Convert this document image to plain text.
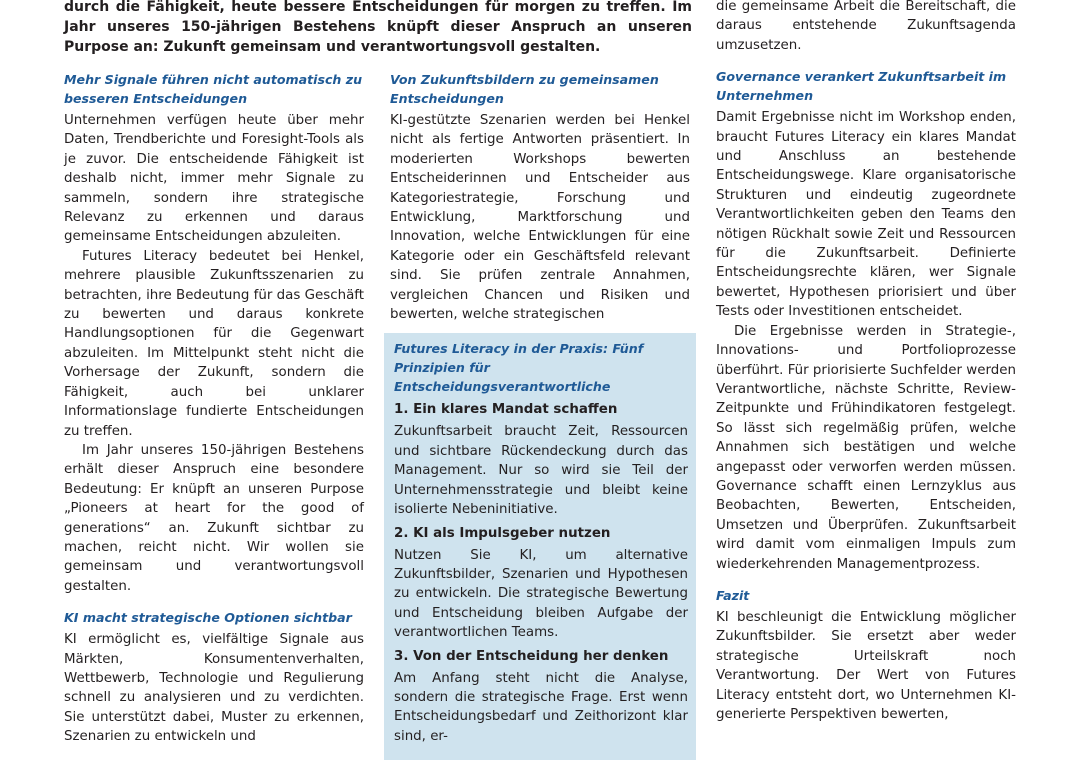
durch die Fähigkeit, heute bessere Entscheidungen für morgen zu treffen. Im Jahr unseres 150-jährigen Bestehens knüpft dieser Anspruch an unseren Purpose an: Zukunft gemeinsam und verantwortungsvoll gestalten.
Mehr Signale führen nicht automatisch zu besseren Entscheidungen

Unternehmen verfügen heute über mehr Daten, Trendberichte und Foresight-Tools als je zuvor. Die entscheidende Fähigkeit ist deshalb nicht, immer mehr Signale zu sammeln, sondern ihre strategische Relevanz zu erkennen und daraus gemeinsame Entscheidungen abzuleiten.

Futures Literacy bedeutet bei Henkel, mehrere plausible Zukunftsszenarien zu betrachten, ihre Bedeutung für das Geschäft zu bewerten und daraus konkrete Handlungsoptionen für die Gegenwart abzuleiten. Im Mittelpunkt steht nicht die Vorhersage der Zukunft, sondern die Fähigkeit, auch bei unklarer Informationslage fundierte Entscheidungen zu treffen.

Im Jahr unseres 150-jährigen Bestehens erhält dieser Anspruch eine besondere Bedeutung: Er knüpft an unseren Purpose „Pioneers at heart for the good of generations“ an. Zukunft sichtbar zu machen, reicht nicht. Wir wollen sie gemeinsam und verantwortungsvoll gestalten.

KI macht strategische Optionen sichtbar

KI ermöglicht es, vielfältige Signale aus Märkten, Konsumentenverhalten, Wettbewerb, Technologie und Regulierung schnell zu analysieren und zu verdichten. Sie unterstützt dabei, Muster zu erkennen, Szenarien zu entwickeln und

Von Zukunftsbildern zu gemeinsamen Entscheidungen

KI-gestützte Szenarien werden bei Henkel nicht als fertige Antworten präsentiert. In moderierten Workshops bewerten Entscheiderinnen und Entscheider aus Kategoriestrategie, Forschung und Entwicklung, Marktforschung und Innovation, welche Entwicklungen für eine Kategorie oder ein Geschäftsfeld relevant sind. Sie prüfen zentrale Annahmen, vergleichen Chancen und Risiken und bewerten, welche strategischen

Futures Literacy in der Praxis: Fünf Prinzipien für Entscheidungsverantwortliche
1. Ein klares Mandat schaffen

Zukunftsarbeit braucht Zeit, Ressourcen und sichtbare Rückendeckung durch das Management. Nur so wird sie Teil der Unternehmensstrategie und bleibt keine isolierte Nebeninitiative.

2. KI als Impulsgeber nutzen

Nutzen Sie KI, um alternative Zukunftsbilder, Szenarien und Hypothesen zu entwickeln. Die strategische Bewertung und Entscheidung bleiben Aufgabe der verantwortlichen Teams.

3. Von der Entscheidung her denken

Am Anfang steht nicht die Analyse, sondern die strategische Frage. Erst wenn Entscheidungsbedarf und Zeithorizont klar sind, er-

die gemeinsame Arbeit die Bereitschaft, die daraus entstehende Zukunftsagenda umzusetzen.

Governance verankert Zukunftsarbeit im Unternehmen

Damit Ergebnisse nicht im Workshop enden, braucht Futures Literacy ein klares Mandat und Anschluss an bestehende Entscheidungswege. Klare organisatorische Strukturen und eindeutig zugeordnete Verantwortlichkeiten geben den Teams den nötigen Rückhalt sowie Zeit und Ressourcen für die Zukunftsarbeit. Definierte Entscheidungsrechte klären, wer Signale bewertet, Hypothesen priorisiert und über Tests oder Investitionen entscheidet.

Die Ergebnisse werden in Strategie-, Innovations- und Portfolioprozesse überführt. Für priorisierte Suchfelder werden Verantwortliche, nächste Schritte, Review-Zeitpunkte und Frühindikatoren festgelegt. So lässt sich regelmäßig prüfen, welche Annahmen sich bestätigen und welche angepasst oder verworfen werden müssen. Governance schafft einen Lernzyklus aus Beobachten, Bewerten, Entscheiden, Umsetzen und Überprüfen. Zukunftsarbeit wird damit vom einmaligen Impuls zum wiederkehrenden Managementprozess.

Fazit

KI beschleunigt die Entwicklung möglicher Zukunftsbilder. Sie ersetzt aber weder strategische Urteilskraft noch Verantwortung. Der Wert von Futures Literacy entsteht dort, wo Unternehmen KI-generierte Perspektiven bewerten,
